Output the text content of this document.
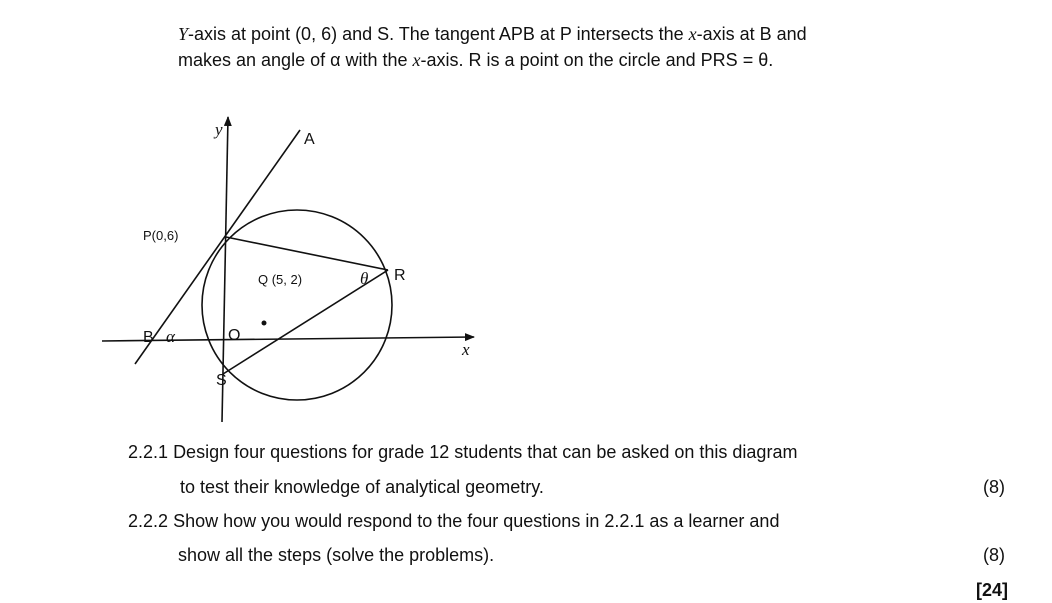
Y-axis at point (0, 6) and S. The tangent APB at P intersects the x-axis at B and
makes an angle of α with the x-axis. R is a point on the circle and PRS = θ.
y
x
A
P(0,6)
Q (5, 2)	θ R
B α	O
S
2.2.1 Design four questions for grade 12 students that can be asked on this diagram
to test their knowledge of analytical geometry.	(8)
2.2.2 Show how you would respond to the four questions in 2.2.1 as a learner and
show all the steps (solve the problems).	(8)
[24]
